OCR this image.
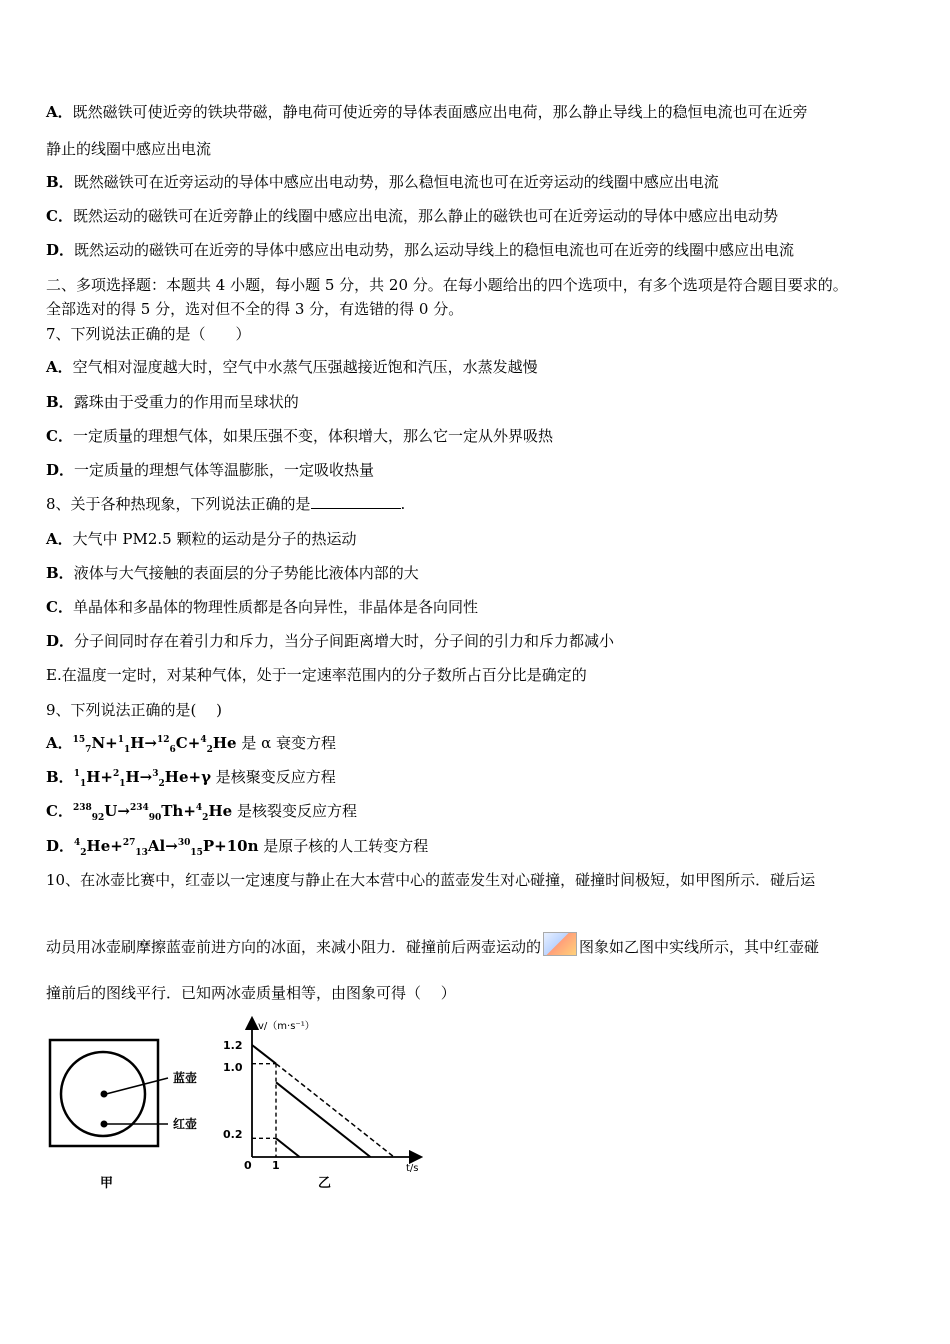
A．既然磁铁可使近旁的铁块带磁，静电荷可使近旁的导体表面感应出电荷，那么静止导线上的稳恒电流也可在近旁
静止的线圈中感应出电流
B．既然磁铁可在近旁运动的导体中感应出电动势，那么稳恒电流也可在近旁运动的线圈中感应出电流
C．既然运动的磁铁可在近旁静止的线圈中感应出电流，那么静止的磁铁也可在近旁运动的导体中感应出电动势
D．既然运动的磁铁可在近旁的导体中感应出电动势，那么运动导线上的稳恒电流也可在近旁的线圈中感应出电流
二、多项选择题：本题共 4 小题，每小题 5 分，共 20 分。在每小题给出的四个选项中，有多个选项是符合题目要求的。
全部选对的得 5 分，选对但不全的得 3 分，有选错的得 0 分。
7、下列说法正确的是（　　）
A．空气相对湿度越大时，空气中水蒸气压强越接近饱和汽压，水蒸发越慢
B．露珠由于受重力的作用而呈球状的
C．一定质量的理想气体，如果压强不变，体积增大，那么它一定从外界吸热
D．一定质量的理想气体等温膨胀，一定吸收热量
8、关于各种热现象，下列说法正确的是	.
A．大气中 PM2.5 颗粒的运动是分子的热运动
B．液体与大气接触的表面层的分子势能比液体内部的大
C．单晶体和多晶体的物理性质都是各向异性，非晶体是各向同性
D．分子间同时存在着引力和斥力，当分子间距离增大时，分子间的引力和斥力都减小
E.在温度一定时，对某种气体，处于一定速率范围内的分子数所占百分比是确定的
9、下列说法正确的是(　 )
A．$^{15}_7$N+$^1_1$H→$^{12}_6$C+$^4_2$He 是 α 衰变方程
B．$^1_1$H+$^2_1$H→$^3_2$He+γ 是核聚变反应方程
C．$^{238}_{92}$U→$^{234}_{90}$Th+$^4_2$He 是核裂变反应方程
D．$^4_2$He+$^{27}_{13}$Al→$^{30}_{15}$P+10n 是原子核的人工转变方程
10、在冰壶比赛中，红壶以一定速度与静止在大本营中心的蓝壶发生对心碰撞，碰撞时间极短，如甲图所示．碰后运
动员用冰壶刷摩擦蓝壶前进方向的冰面，来减小阻力．碰撞前后两壶运动的	图象如乙图中实线所示，其中红壶碰
撞前后的图线平行．已知两冰壶质量相等，由图象可得（　 ）
蓝壶
红壶
甲
v/（m·s⁻¹）
t/s
0 1
1.2
1.0
0.2
乙
